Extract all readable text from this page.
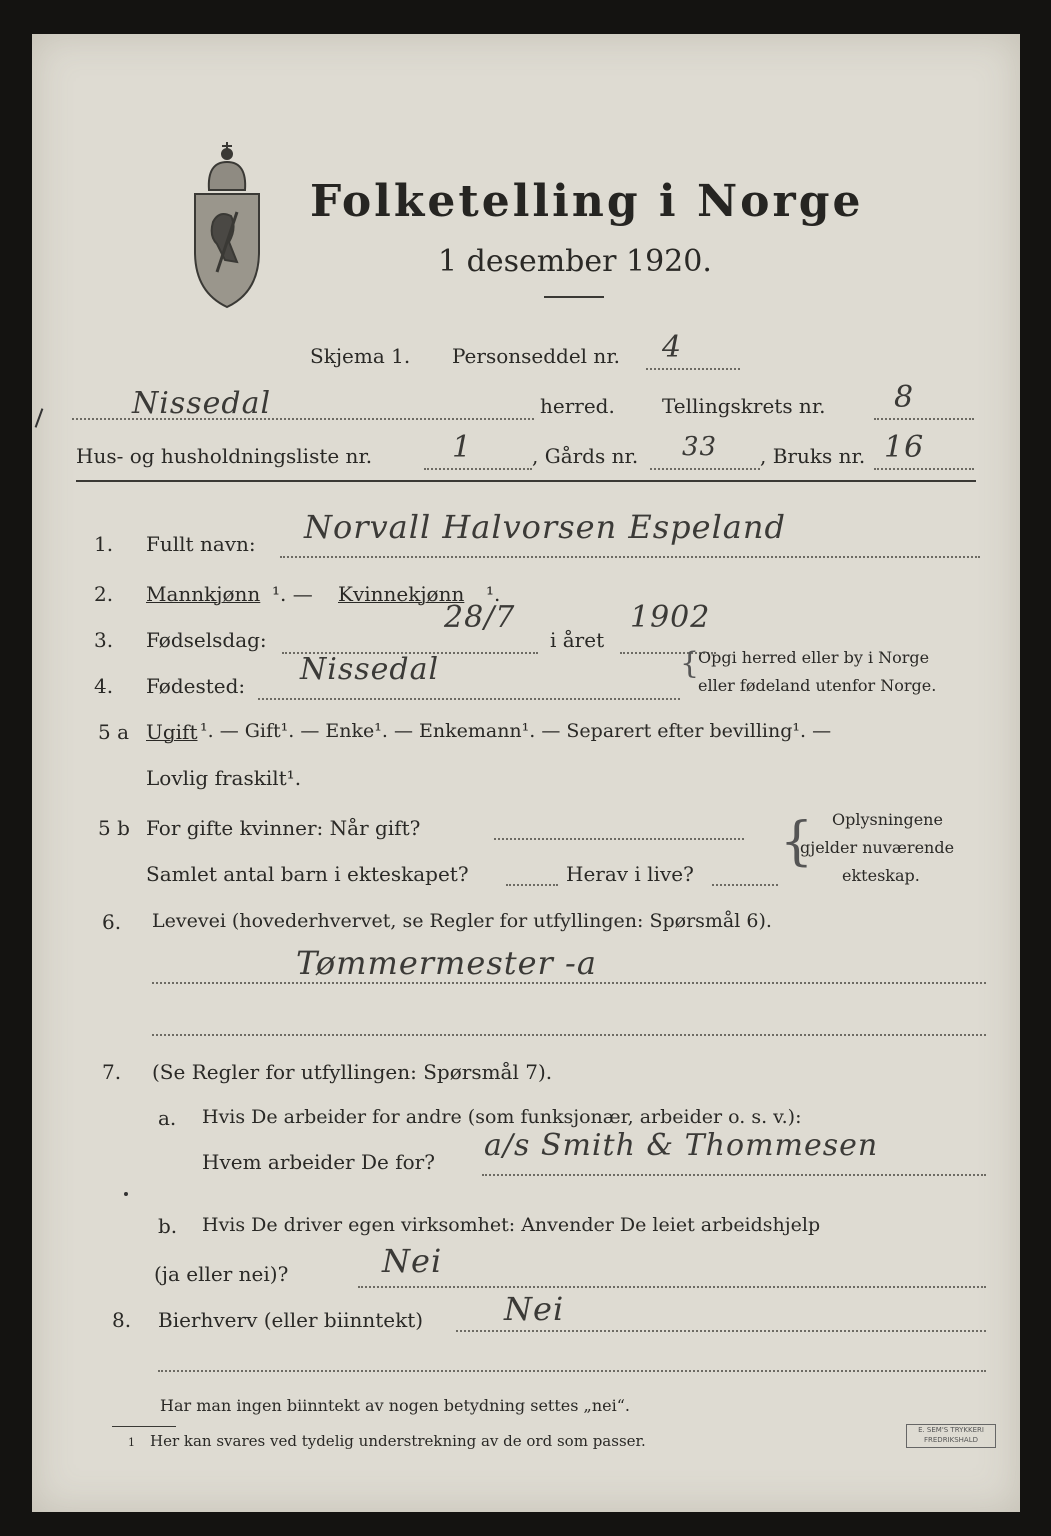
Folketelling i Norge
1 desember 1920.
Skjema 1. Personseddel nr. 4
Nissedal	herred. Tellingskrets nr. 8
Hus- og husholdningsliste nr.	1	, Gårds nr. 33 , Bruks nr. 16
1. Fullt navn: Norvall Halvorsen Espeland
2. Mannkjønn ¹. — Kvinnekjønn ¹.
3. Fødselsdag:
28/7
i året
1902
4. Fødested: Nissedal	{
Opgi herred eller by i Norge
eller fødeland utenfor Norge.
5 a Ugift ¹. — Gift¹. — Enke¹. — Enkemann¹. — Separert efter bevilling¹. —
Lovlig fraskilt¹.
5 b For gifte kvinner: Når gift?
Samlet antal barn i ekteskapet?	Herav i live?
{ Oplysningene
gjelder nuværende
ekteskap.
6. Levevei (hovederhvervet, se Regler for utfyllingen: Spørsmål 6).
Tømmermester -a
7. (Se Regler for utfyllingen: Spørsmål 7).
a. Hvis De arbeider for andre (som funksjonær, arbeider o. s. v.):
Hvem arbeider De for? a/s Smith & Thommesen
b. Hvis De driver egen virksomhet: Anvender De leiet arbeidshjelp
(ja eller nei)?	Nei
8. Bierhverv (eller biinntekt)	Nei
Har man ingen biinntekt av nogen betydning settes „nei“.
1 Her kan svares ved tydelig understrekning av de ord som passer.
E. SEM'S TRYKKERI FREDRIKSHALD
